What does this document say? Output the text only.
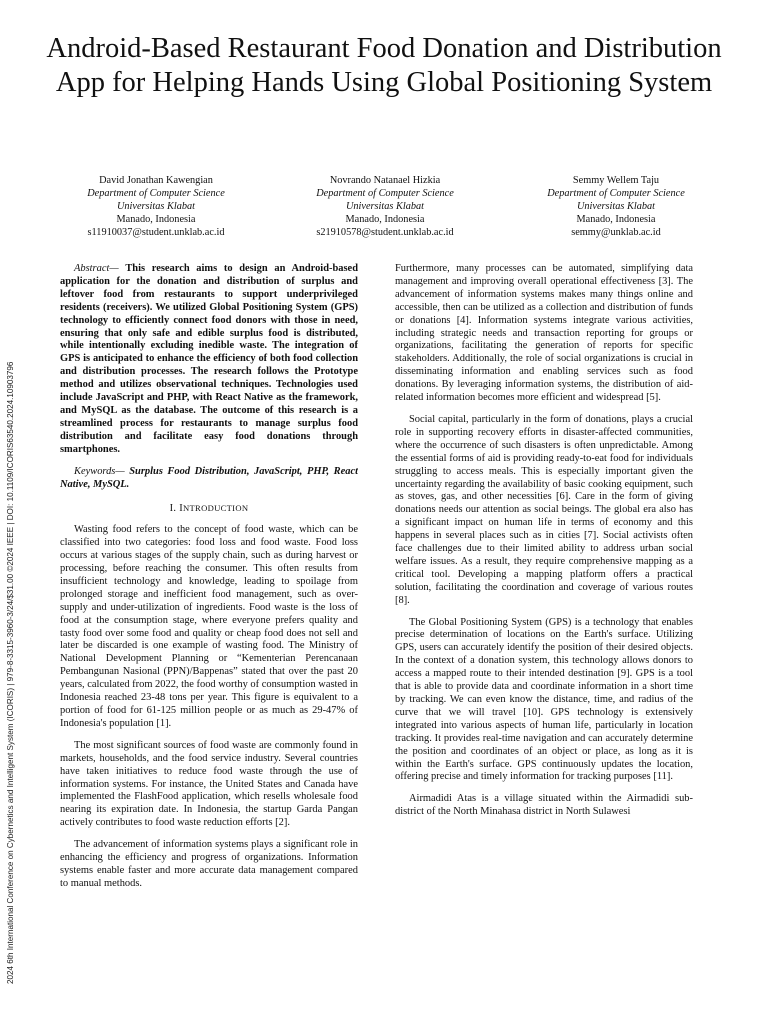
2024 6th International Conference on Cybernetics and Intelligent System (ICORIS) | 979-8-3315-3960-3/24/$31.00 ©2024 IEEE | DOI: 10.1109/ICORIS63540.2024.10903796
Android-Based Restaurant Food Donation and Distribution App for Helping Hands Using Global Positioning System
David Jonathan Kawengian
Department of Computer Science
Universitas Klabat
Manado, Indonesia
s11910037@student.unklab.ac.id
Novrando Natanael Hizkia
Department of Computer Science
Universitas Klabat
Manado, Indonesia
s21910578@student.unklab.ac.id
Semmy Wellem Taju
Department of Computer Science
Universitas Klabat
Manado, Indonesia
semmy@unklab.ac.id

Abstract— This research aims to design an Android-based application for the donation and distribution of surplus and leftover food from restaurants to support underprivileged residents (receivers). We utilized Global Positioning System (GPS) technology to efficiently connect food donors with those in need, ensuring that only safe and edible surplus food is distributed, while intentionally excluding inedible waste. The integration of GPS is anticipated to enhance the efficiency of both food collection and distribution processes. The research follows the Prototype method and utilizes observational techniques. Technologies used include JavaScript and PHP, with React Native as the framework, and MySQL as the database. The outcome of this research is a streamlined process for restaurants to manage surplus food distribution and facilitate easy food donations through smartphones.

Keywords— Surplus Food Distribution, JavaScript, PHP, React Native, MySQL.

I. INTRODUCTION

Wasting food refers to the concept of food waste, which can be classified into two categories: food loss and food waste. Food loss occurs at various stages of the supply chain, such as during harvest or processing, before reaching the consumer. This often results from insufficient technology and knowledge, leading to spoilage from prolonged storage and inefficient food management, such as over-supply and under-utilization of ingredients. Food waste is the loss of food at the consumption stage, where everyone prefers quality and tasty food over some food and quality or cheap food does not sell and later be discarded is one example of wasting food. The Ministry of National Development Planning or “Kementerian Perencanaan Pembangunan Nasional (PPN)/Bappenas” stated that over the past 20 years, calculated from 2022, the food worthy of consumption wasted in Indonesia reached 23-48 tons per year. This figure is equivalent to a portion of food for 61-125 million people or as much as 29-47% of Indonesia's population [1].

The most significant sources of food waste are commonly found in markets, households, and the food service industry. Several countries have taken initiatives to reduce food waste through the use of information systems. For instance, the United States and Canada have implemented the FlashFood application, which resells wholesale food nearing its expiration date. In Indonesia, the startup Garda Pangan actively contributes to food waste reduction efforts [2].

The advancement of information systems plays a significant role in enhancing the efficiency and progress of organizations. Information systems enable faster and more accurate data management compared to manual methods.

Furthermore, many processes can be automated, simplifying data management and improving overall operational effectiveness [3]. The advancement of information systems makes many things online and accessible, then can be utilized as a collection and distribution of funds or donations [4]. Information systems integrate various activities, including strategic needs and transaction reporting for groups or organizations, facilitating the generation of reports for specific stakeholders. Additionally, the role of social organizations is crucial in disseminating information and enabling services such as food donations. By leveraging information systems, the distribution of aid-related information becomes more efficient and widespread [5].

Social capital, particularly in the form of donations, plays a crucial role in supporting recovery efforts in disaster-affected communities, where the occurrence of such disasters is often unpredictable. Among the essential forms of aid is providing ready-to-eat food for individuals struggling to access meals. This is especially important given the uncertainty regarding the availability of basic cooking equipment, such as stoves, gas, and other necessities [6]. Care in the form of giving donations needs our attention as social beings. The global era also has a significant impact on human life in terms of economy and this happens in several places such as in cities [7]. Social activists often face challenges due to their limited ability to address urban social welfare issues. As a result, they require comprehensive mapping as a critical tool. Developing a mapping platform offers a practical solution, facilitating the coordination and coverage of various routes [8].

The Global Positioning System (GPS) is a technology that enables precise determination of locations on the Earth's surface. Utilizing GPS, users can accurately identify the position of their desired objects. In the context of a donation system, this technology allows donors to access a mapped route to their intended destination [9]. GPS is a tool that is able to provide data and coordinate information in a short time by tracking. We can even know the distance, time, and radius of the curve that we will travel [10]. GPS technology is extensively integrated into various aspects of human life, particularly in location tracking. It provides real-time navigation and can accurately determine the position and coordinates of an object or place, as long as it is within the Earth's surface. GPS continuously updates the location, offering precise and timely information for tracking purposes [11].

Airmadidi Atas is a village situated within the Airmadidi sub-district of the North Minahasa district in North Sulawesi
